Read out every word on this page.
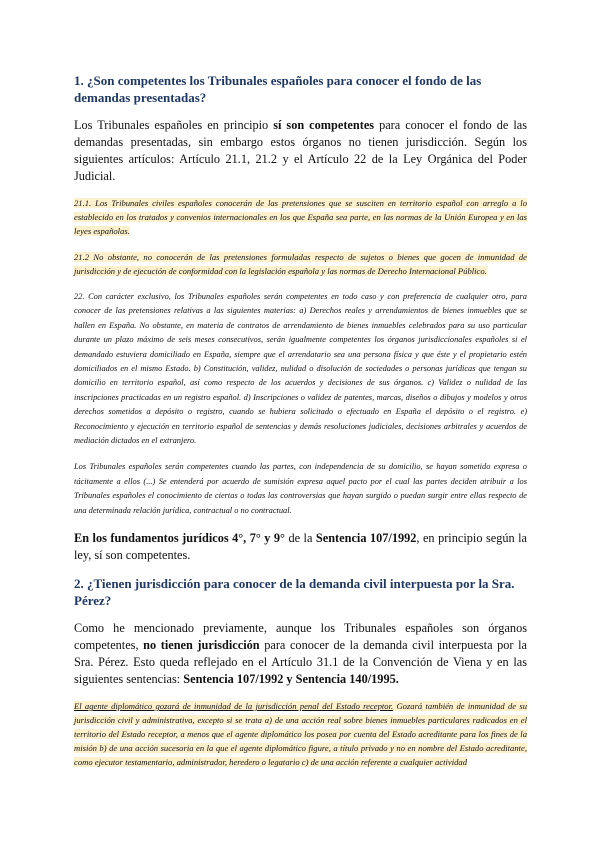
1. ¿Son competentes los Tribunales españoles para conocer el fondo de las demandas presentadas?

Los Tribunales españoles en principio sí son competentes para conocer el fondo de las demandas presentadas, sin embargo estos órganos no tienen jurisdicción. Según los siguientes artículos: Artículo 21.1, 21.2 y el Artículo 22 de la Ley Orgánica del Poder Judicial.

21.1. Los Tribunales civiles españoles conocerán de las pretensiones que se susciten en territorio español con arreglo a lo establecido en los tratados y convenios internacionales en los que España sea parte, en las normas de la Unión Europea y en las leyes españolas.

21.2 No obstante, no conocerán de las pretensiones formuladas respecto de sujetos o bienes que gocen de inmunidad de jurisdicción y de ejecución de conformidad con la legislación española y las normas de Derecho Internacional Público.

22. Con carácter exclusivo, los Tribunales españoles serán competentes en todo caso y con preferencia de cualquier otro, para conocer de las pretensiones relativas a las siguientes materias: a) Derechos reales y arrendamientos de bienes inmuebles que se hallen en España. No obstante, en materia de contratos de arrendamiento de bienes inmuebles celebrados para su uso particular durante un plazo máximo de seis meses consecutivos, serán igualmente competentes los órganos jurisdiccionales españoles si el demandado estuviera domiciliado en España, siempre que el arrendatario sea una persona física y que éste y el propietario estén domiciliados en el mismo Estado. b) Constitución, validez, nulidad o disolución de sociedades o personas jurídicas que tengan su domicilio en territorio español, así como respecto de los acuerdos y decisiones de sus órganos. c) Validez o nulidad de las inscripciones practicadas en un registro español. d) Inscripciones o validez de patentes, marcas, diseños o dibujos y modelos y otros derechos sometidos a depósito o registro, cuando se hubiera solicitado o efectuado en España el depósito o el registro. e) Reconocimiento y ejecución en territorio español de sentencias y demás resoluciones judiciales, decisiones arbitrales y acuerdos de mediación dictados en el extranjero.

Los Tribunales españoles serán competentes cuando las partes, con independencia de su domicilio, se hayan sometido expresa o tácitamente a ellos (...) Se entenderá por acuerdo de sumisión expresa aquel pacto por el cual las partes deciden atribuir a los Tribunales españoles el conocimiento de ciertas o todas las controversias que hayan surgido o puedan surgir entre ellas respecto de una determinada relación jurídica, contractual o no contractual.

En los fundamentos jurídicos 4°, 7° y 9° de la Sentencia 107/1992, en principio según la ley, sí son competentes.

2. ¿Tienen jurisdicción para conocer de la demanda civil interpuesta por la Sra. Pérez?

Como he mencionado previamente, aunque los Tribunales españoles son órganos competentes, no tienen jurisdicción para conocer de la demanda civil interpuesta por la Sra. Pérez. Esto queda reflejado en el Artículo 31.1 de la Convención de Viena y en las siguientes sentencias: Sentencia 107/1992 y Sentencia 140/1995.

El agente diplomático gozará de inmunidad de la jurisdicción penal del Estado receptor. Gozará también de inmunidad de su jurisdicción civil y administrativa, excepto si se trata a) de una acción real sobre bienes inmuebles particulares radicados en el territorio del Estado receptor, a menos que el agente diplomático los posea por cuenta del Estado acreditante para los fines de la misión b) de una acción sucesoria en la que el agente diplomático figure, a título privado y no en nombre del Estado acreditante, como ejecutor testamentario, administrador, heredero o legatario c) de una acción referente a cualquier actividad
